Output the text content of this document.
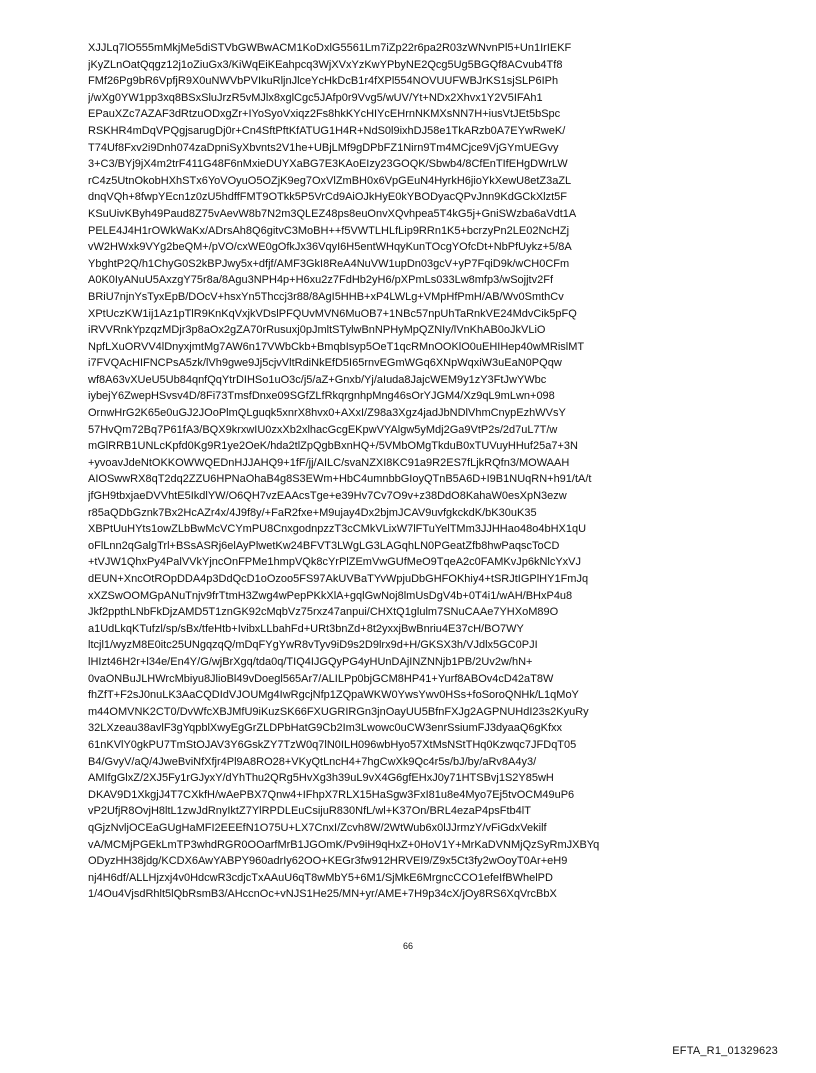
XJJLq7lO555mMkjMe5diSTVbGWBwACM1KoDxlG5561Lm7iZp22r6pa2R03zWNvnPl5+Un1IrIEKF
jKyZLnOatQqgz12j1oZiuGx3/KiWqEiKEahpcq3WjXVxYzKwYPbyNE2Qcg5Ug5BGQf8ACvub4Tf8
FMf26Pg9bR6VpfjR9X0uNWVbPVIkuRljnJlceYcHkDcB1r4fXPl554NOVUUFWBJrKS1sjSLP6IPh
j/wXg0YW1pp3xq8BSxSluJrzR5vMJlx8xglCgc5JAfp0r9Vvg5/wUV/Yt+NDx2Xhvx1Y2V5IFAh1
EPauXZc7AZAF3dRtzuODxgZr+IYoSyoVxiqz2Fs8hkKYcHIYcEHrnNKMXsNN7H+iusVtJEt5bSpc
RSKHR4mDqVPQgjsarugDj0r+Cn4SftPftKfATUG1H4R+NdS0l9ixhDJ58e1TkARzb0A7EYwRweK/
T74Uf8Fxv2i9Dnh074zaDpniSyXbvnts2V1he+UBjLMf9gDPbFZ1Nirn9Tm4MCjce9VjGYmUEGvy
3+C3/BYj9jX4m2trF411G48F6nMxieDUYXaBG7E3KAoEIzy23GOQK/Sbwb4/8CfEnTIfEHgDWrLW
rC4z5UtnOkobHXhSTx6YoVOyuO5OZjK9eg7OxVlZmBH0x6VpGEuN4HyrkH6jioYkXewU8etZ3aZL
dnqVQh+8fwpYEcn1z0zU5hdffFMT9OTkk5P5VrCd9AiOJkHyE0kYBODyacQPvJnn9KdGCkXlzt5F
KSuUivKByh49Paud8Z75vAevW8b7N2m3QLEZ48ps8euOnvXQvhpea5T4kG5j+GniSWzba6aVdt1A
PELE4J4H1rOWkWaKx/ADrsAh8Q6gitvC3MoBH++f5VWTLHLfLip9RRn1K5+bcrzyPn2LE02NcHZj
vW2HWxk9VYg2beQM+/pVO/cxWE0gOfkJx36VqyI6H5entWHqyKunTOcgYOfcDt+NbPfUykz+5/8A
YbghtP2Q/h1ChyG0S2kBPJwy5x+dfjf/AMF3GkI8ReA4NuVW1upDn03gcV+yP7FqiD9k/wCH0CFm
A0K0IyANuU5AxzgY75r8a/8Agu3NPH4p+H6xu2z7FdHb2yH6/pXPmLs033Lw8mfp3/wSojjtv2Ff
BRiU7njnYsTyxEpB/DOcV+hsxYn5Thccj3r88/8AgI5HHB+xP4LWLg+VMpHfPmH/AB/Wv0SmthCv
XPtUczKW1ij1Az1pTlR9KnKqVxjkVDslPFQUvMVN6MuOB7+1NBc57npUhTaRnkVE24MdvCik5pFQ
iRVVRnkYpzqzMDjr3p8aOx2gZA70rRusuxj0pJmltSTylwBnNPHyMpQZNIy/lVnKhAB0oJkVLiO
NpfLXuORVV4lDnyxjmtMg7AW6n17VWbCkb+BmqbIsyp5OeT1qcRMnOOKlO0uEHIHep40wMRislMT
i7FVQAcHIFNCPsA5zk/lVh9gwe9Jj5cjvVltRdiNkEfD5I65rnvEGmWGq6XNpWqxiW3uEaN0PQqw
wf8A63vXUeU5Ub84qnfQqYtrDIHSo1uO3c/j5/aZ+Gnxb/Yj/aIuda8JajcWEM9y1zY3FtJwYWbc
iybejY6ZwepHSvsv4D/8Fi73TmsfDnxe09SGfZLfRkqrgnhpMng46sOrYJGM4/Xz9qL9mLwn+098
OrnwHrG2K65e0uGJ2JOoPlmQLguqk5xnrX8hvx0+AXxI/Z98a3Xgz4jadJbNDlVhmCnypEzhWVsY
57HvQm72Bq7P61fA3/BQX9krxwIU0zxXb2xlhacGcgEKpwVYAlgw5yMdj2Ga9VtP2s/2d7uL7T/w
mGlRRB1UNLcKpfd0Kg9R1ye2OeK/hda2tlZpQgbBxnHQ+/5VMbOMgTkduB0xTUVuyHHuf25a7+3N
+yvoavJdeNtOKKOWWQEDnHJJAHQ9+1fF/jj/AILC/svaNZXI8KC91a9R2ES7fLjkRQfn3/MOWAAH
AIOSwwRX8qT2dq2ZZU6HPNaOhaB4g8S3EWm+HbC4umnbbGIoyQTnB5A6D+I9B1NUqRN+h91/tA/t
jfGH9tbxjaeDVVhtE5IkdlYW/O6QH7vzEAAcsTge+e39Hv7Cv7O9v+z38DdO8KahaW0esXpN3ezw
r85aQDbGznk7Bx2HcAZr4x/4J9f8y/+FaR2fxe+M9ujay4Dx2bjmJCAV9uvfgkckdK/bK30uK35
XBPtUuHYts1owZLbBwMcVCYmPU8CnxgodnpzzT3cCMkVLixW7lFTuYelTMm3JJHHao48o4bHX1qU
oFlLnn2qGalgTrl+BSsASRj6elAyPlwetKw24BFVT3LWgLG3LAGqhLN0PGeatZfb8hwPaqscToCD
+tVJW1QhxPy4PalVVkYjncOnFPMe1hmpVQk8cYrPlZEmVwGUfMeO9TqeA2c0FAMKvJp6kNlcYxVJ
dEUN+XncOtROpDDA4p3DdQcD1oOzoo5FS97AkUVBaTYvWpjuDbGHFOKhiy4+tSRJtIGPlHY1FmJq
xXZSwOOMGpANuTnjv9frTtmH3Zwg4wPepPKkXlA+gqlGwNoj8lmUsDgV4b+0T4i1/wAH/BHxP4u8
Jkf2ppthLNbFkDjzAMD5T1znGK92cMqbVz75rxz47anpui/CHXtQ1glulm7SNuCAAe7YHXoM89O
a1UdLkqKTufzl/sp/sBx/tfeHtb+IvibxLLbahFd+URt3bnZd+8t2yxxjBwBnriu4E37cH/BO7WY
ltcjl1/wyzM8E0itc25UNgqzqQ/mDqFYgYwR8vTyv9iD9s2D9lrx9d+H/GKSX3h/VJdlx5GC0PJI
lHIzt46H2r+l34e/En4Y/G/wjBrXgq/tda0q/TIQ4IJGQyPG4yHUnDAjINZNNjb1PB/2Uv2w/hN+
0vaONBuJLHWrcMbiyu8JlioBl49vDoegl565Ar7/ALILPp0bjGCM8HP41+Yurf8ABOv4cD42aT8W
fhZfT+F2sJ0nuLK3AaCQDIdVJOUMg4IwRgcjNfp1ZQpaWKW0YwsYwv0HSs+foSoroQNHk/L1qMoY
m44OMVNK2CT0/DvWfcXBJMfU9iKuzSK66FXUGRIRGn3jnOayUU5BfnFXJg2AGPNUHdI23s2KyuRy
32LXzeau38avlF3gYqpblXwyEgGrZLDPbHatG9Cb2Im3Lwowc0uCW3enrSsiumFJ3dyaaQ6gKfxx
61nKVlY0gkPU7TmStOJAV3Y6GskZY7TzW0q7lN0ILH096wbHyo57XtMsNStTHq0Kzwqc7JFDqT05
B4/GvyV/aQ/4JweBviNfXfjr4Pl9A8RO28+VKyQtLncH4+7hgCwXk9Qc4r5s/bJ/by/aRv8A4y3/
AMIfgGlxZ/2XJ5Fy1rGJyxY/dYhThu2QRg5HvXg3h39uL9vX4G6gfEHxJ0y71HTSBvj1S2Y85wH
DKAV9D1XkgjJ4T7CXkfH/wAePBX7Qnw4+IFhpX7RLX15HaSgw3FxI81u8e4Myo7Ej5tvOCM49uP6
vP2UfjR8OvjH8ltL1zwJdRnyIktZ7YlRPDLEuCsijuR830NfL/wl+K37On/BRL4ezaP4psFtb4lT
qGjzNvljOCEaGUgHaMFI2EEEfN1O75U+LX7CnxI/Zcvh8W/2WtWub6x0lJJrmzY/vFiGdxVekilf
vA/MCMjPGEkLmTP3whdRGR0OOarfMrB1JGOmK/Pv9iH9qHxZ+0HoV1Y+MrKaDVNMjQzSyRmJXBYq
ODyzHH38jdg/KCDX6AwYABPY960adrIy62OO+KEGr3fw912HRVEI9/Z9x5Ct3fy2wOoyT0Ar+eH9
nj4H6df/ALLHjzxj4v0HdcwR3cdjcTxAAuU6qT8wMbY5+6M1/SjMkE6MrgncCCO1efeIfBWhelPD
1/4Ou4VjsdRhlt5lQbRsmB3/AHccnOc+vNJS1He25/MN+yr/AME+7H9p34cX/jOy8RS6XqVrcBbX
66
EFTA_R1_01329623
